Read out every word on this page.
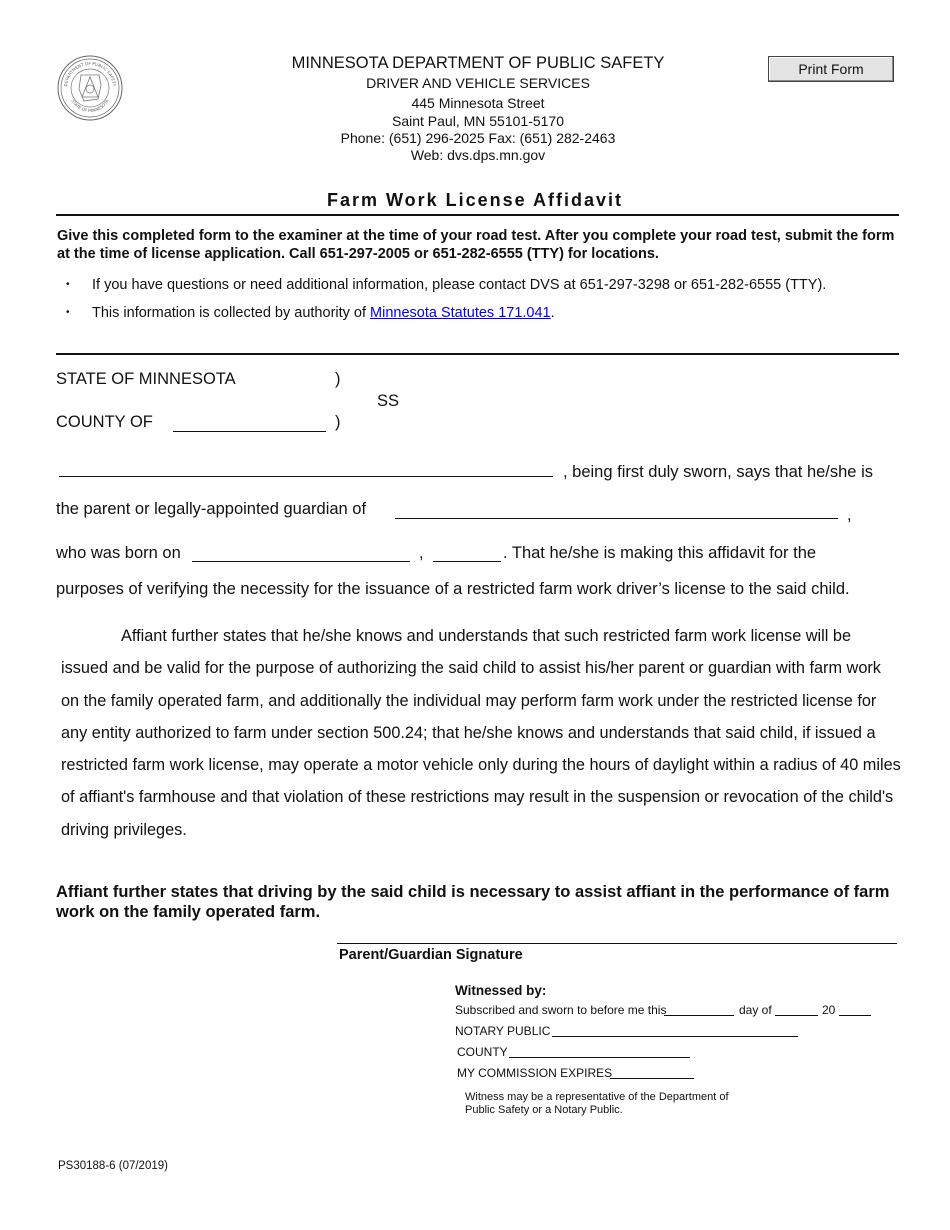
DEPARTMENT OF PUBLIC SAFETY
STATE OF MINNESOTA
MINNESOTA DEPARTMENT OF PUBLIC SAFETY
DRIVER AND VEHICLE SERVICES
445 Minnesota Street
Saint Paul, MN 55101-5170
Phone: (651) 296-2025 Fax: (651) 282-2463
Web: dvs.dps.mn.gov
Print Form
Farm Work License Affidavit
Give this completed form to the examiner at the time of your road test. After you complete your road test, submit the form at the time of license application. Call 651-297-2005 or 651-282-6555 (TTY) for locations.
• If you have questions or need additional information, please contact DVS at 651-297-3298 or 651-282-6555 (TTY).
• This information is collected by authority of Minnesota Statutes 171.041.
STATE OF MINNESOTA	)
SS
COUNTY OF	)
, being first duly sworn, says that he/she is
the parent or legally-appointed guardian of	,
who was born on	,	. That he/she is making this affidavit for the
purposes of verifying the necessity for the issuance of a restricted farm work driver’s license to the said child.
Affiant further states that he/she knows and understands that such restricted farm work license will be issued and be valid for the purpose of authorizing the said child to assist his/her parent or guardian with farm work on the family operated farm, and additionally the individual may perform farm work under the restricted license for any entity authorized to farm under section 500.24; that he/she knows and understands that said child, if issued a restricted farm work license, may operate a motor vehicle only during the hours of daylight within a radius of 40 miles of affiant's farmhouse and that violation of these restrictions may result in the suspension or revocation of the child's driving privileges.
Affiant further states that driving by the said child is necessary to assist affiant in the performance of farm work on the family operated farm.
Parent/Guardian Signature
Witnessed by:
Subscribed and sworn to before me this	day of	20
NOTARY PUBLIC
COUNTY
MY COMMISSION EXPIRES
Witness may be a representative of the Department of Public Safety or a Notary Public.
PS30188-6 (07/2019)
